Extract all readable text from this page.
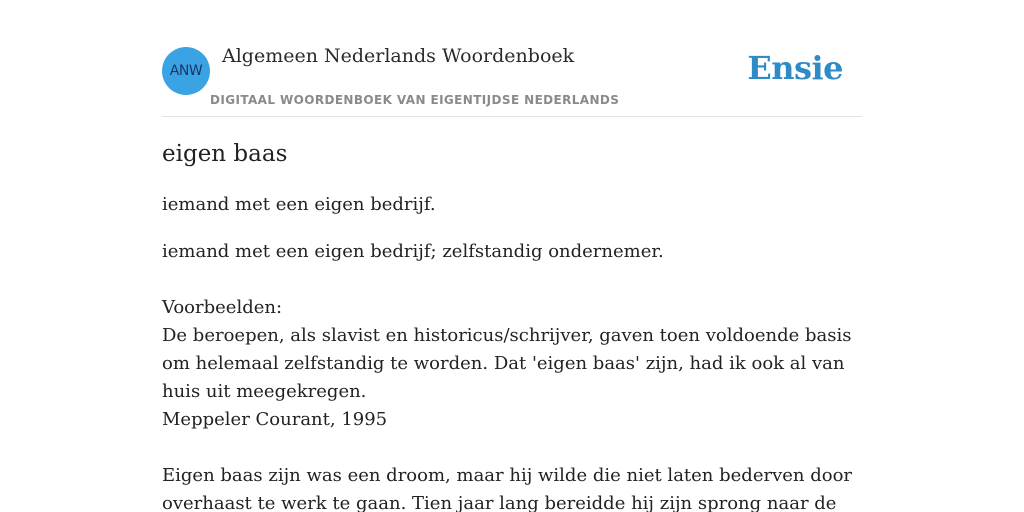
ANW
Algemeen Nederlands Woordenboek
DIGITAAL WOORDENBOEK VAN EIGENTIJDSE NEDERLANDS
Ensie
eigen baas

iemand met een eigen bedrijf.

iemand met een eigen bedrijf; zelfstandig ondernemer.

Voorbeelden:

De beroepen, als slavist en historicus/schrijver, gaven toen voldoende basis om helemaal zelfstandig te worden. Dat 'eigen baas' zijn, had ik ook al van huis uit meegekregen.

Meppeler Courant, 1995

Eigen baas zijn was een droom, maar hij wilde die niet laten bederven door overhaast te werk te gaan. Tien jaar lang bereidde hij zijn sprong naar de
